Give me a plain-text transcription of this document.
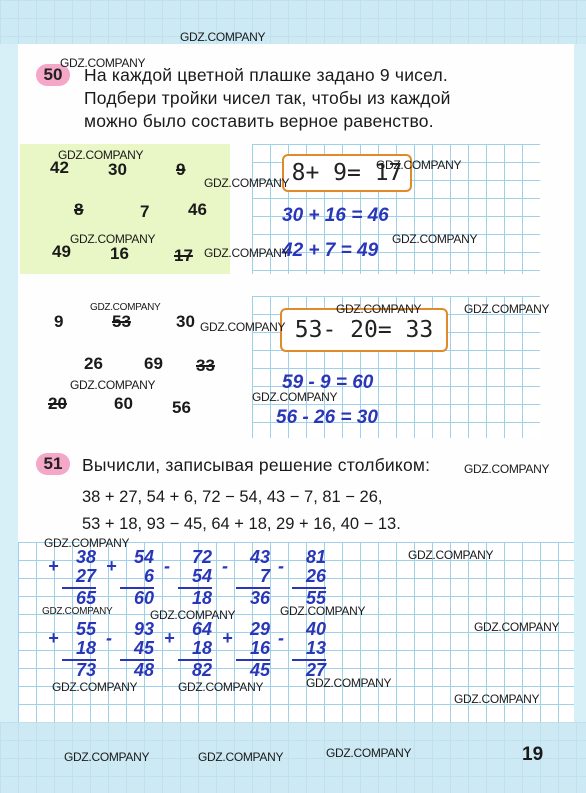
50	На каждой цветной плашке задано 9 чисел.
Подбери тройки чисел так, чтобы из каждой
можно было составить верное равенство.
42 30	9
8	7 46
49 16	17
8+ 9= 17
30 + 16 = 46
42 + 7 = 49
9	53	30
26 69 33
20	60 56
53- 20= 33
59 - 9 = 60
56 - 26 = 30
51	Вычисли, записывая решение столбиком:
38 + 27, 54 + 6, 72 − 54, 43 − 7, 81 − 26,
53 + 18, 93 − 45, 64 + 18, 29 + 16, 40 − 13.
+ 38
27
65
+ 54
6
60
-	72
54
18
-	43
7
36
-	81
26
55
+ 55
18
73
-	93
45
48
+ 64
18
82
+ 29
16
45
-	40
13
27
GDZ.COMPANY
GDZ.COMPANY
GDZ.COMPANY
GDZ.COMPANY
GDZ.COMPANY
GDZ.COMPANY
GDZ.COMPANY
GDZ.COMPANY
GDZ.COMPANY	GDZ.COMPANY	GDZ.COMPANY
GDZ.COMPANY
GDZ.COMPANY
GDZ.COMPANY
GDZ.COMPANY
GDZ.COMPANY
GDZ.COMPANY
GDZ.COMPANY	GDZ.COMPANY	GDZ.COMPANY
GDZ.COMPANY
GDZ.COMPANY	GDZ.COMPANY	GDZ.COMPANY
GDZ.COMPANY
GDZ.COMPANY	GDZ.COMPANY	GDZ.COMPANY	19
